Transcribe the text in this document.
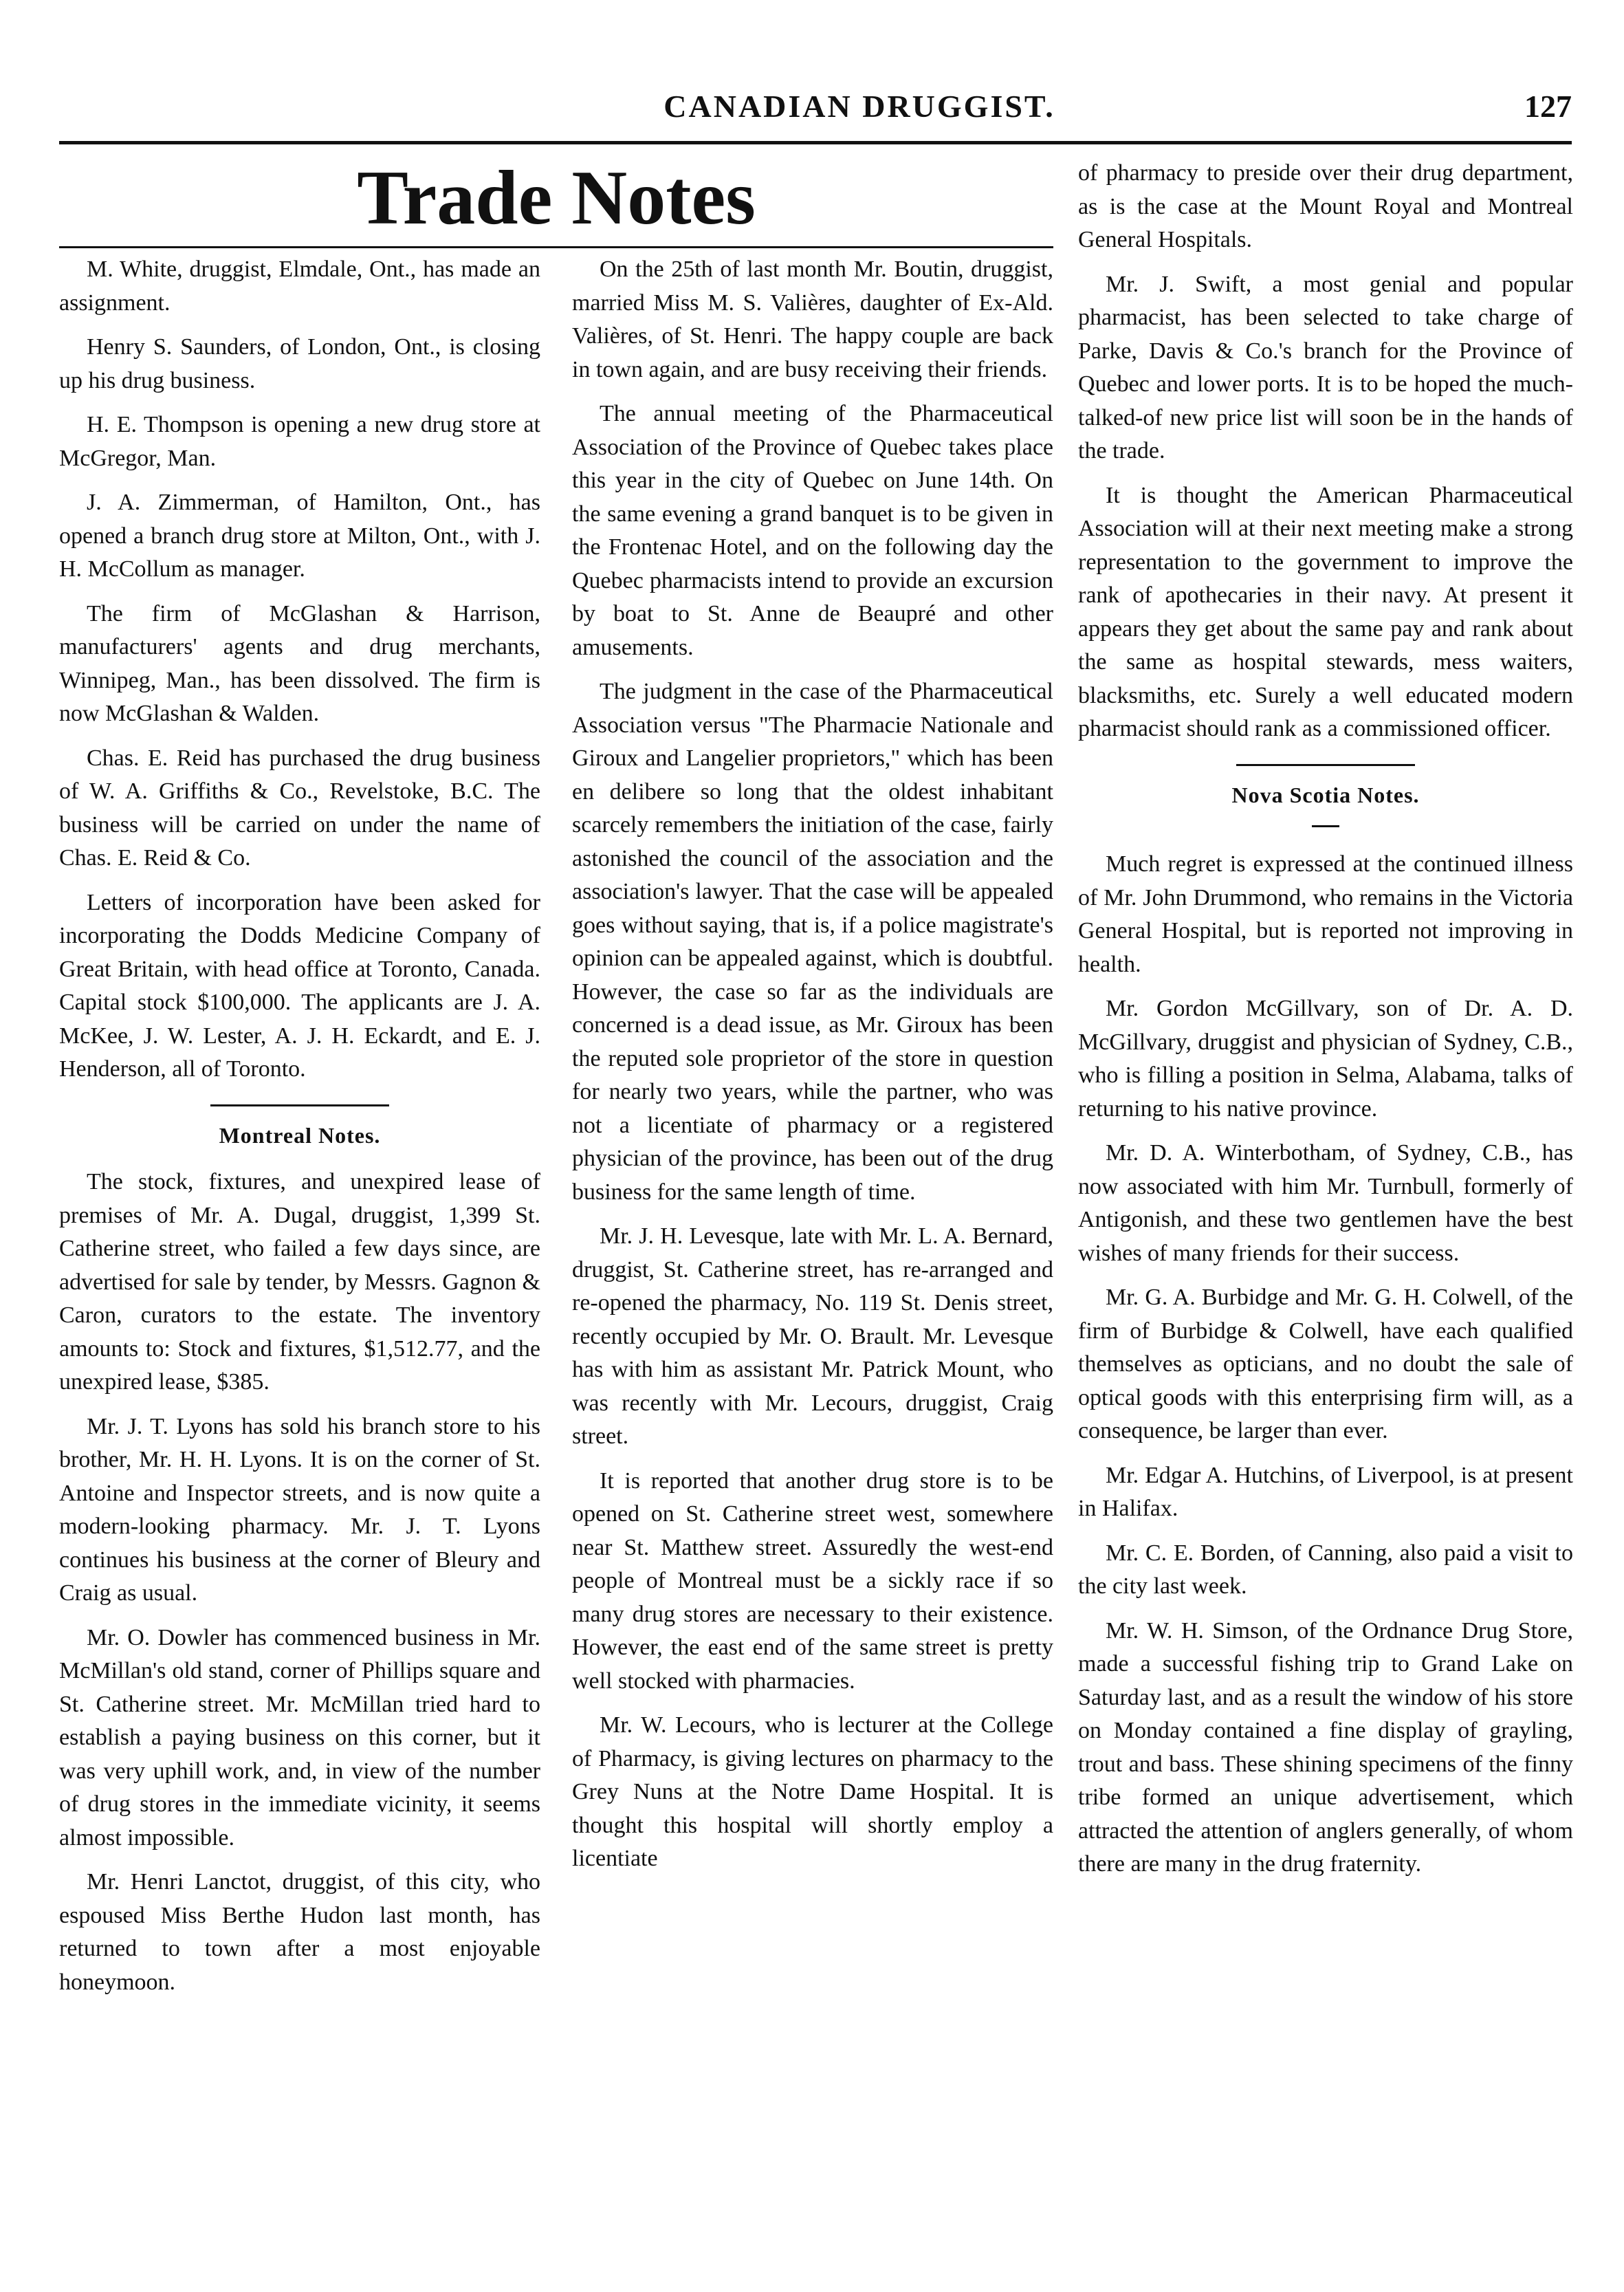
CANADIAN DRUGGIST.	127
Trade Notes

M. White, druggist, Elmdale, Ont., has made an assignment.

Henry S. Saunders, of London, Ont., is closing up his drug business.

H. E. Thompson is opening a new drug store at McGregor, Man.

J. A. Zimmerman, of Hamilton, Ont., has opened a branch drug store at Milton, Ont., with J. H. McCollum as manager.

The firm of McGlashan & Harrison, manufacturers' agents and drug merchants, Winnipeg, Man., has been dissolved. The firm is now McGlashan & Walden.

Chas. E. Reid has purchased the drug business of W. A. Griffiths & Co., Revelstoke, B.C. The business will be carried on under the name of Chas. E. Reid & Co.

Letters of incorporation have been asked for incorporating the Dodds Medicine Company of Great Britain, with head office at Toronto, Canada. Capital stock $100,000. The applicants are J. A. McKee, J. W. Lester, A. J. H. Eckardt, and E. J. Henderson, all of Toronto.

Montreal Notes.

The stock, fixtures, and unexpired lease of premises of Mr. A. Dugal, druggist, 1,399 St. Catherine street, who failed a few days since, are advertised for sale by tender, by Messrs. Gagnon & Caron, curators to the estate. The inventory amounts to: Stock and fixtures, $1,512.77, and the unexpired lease, $385.

Mr. J. T. Lyons has sold his branch store to his brother, Mr. H. H. Lyons. It is on the corner of St. Antoine and Inspector streets, and is now quite a modern-looking pharmacy. Mr. J. T. Lyons continues his business at the corner of Bleury and Craig as usual.

Mr. O. Dowler has commenced business in Mr. McMillan's old stand, corner of Phillips square and St. Catherine street. Mr. McMillan tried hard to establish a paying business on this corner, but it was very uphill work, and, in view of the number of drug stores in the immediate vicinity, it seems almost impossible.

Mr. Henri Lanctot, druggist, of this city, who espoused Miss Berthe Hudon last month, has returned to town after a most enjoyable honeymoon.

On the 25th of last month Mr. Boutin, druggist, married Miss M. S. Valières, daughter of Ex-Ald. Valières, of St. Henri. The happy couple are back in town again, and are busy receiving their friends.

The annual meeting of the Pharmaceutical Association of the Province of Quebec takes place this year in the city of Quebec on June 14th. On the same evening a grand banquet is to be given in the Frontenac Hotel, and on the following day the Quebec pharmacists intend to provide an excursion by boat to St. Anne de Beaupré and other amusements.

The judgment in the case of the Pharmaceutical Association versus "The Pharmacie Nationale and Giroux and Langelier proprietors," which has been en delibere so long that the oldest inhabitant scarcely remembers the initiation of the case, fairly astonished the council of the association and the association's lawyer. That the case will be appealed goes without saying, that is, if a police magistrate's opinion can be appealed against, which is doubtful. However, the case so far as the individuals are concerned is a dead issue, as Mr. Giroux has been the reputed sole proprietor of the store in question for nearly two years, while the partner, who was not a licentiate of pharmacy or a registered physician of the province, has been out of the drug business for the same length of time.

Mr. J. H. Levesque, late with Mr. L. A. Bernard, druggist, St. Catherine street, has re-arranged and re-opened the pharmacy, No. 119 St. Denis street, recently occupied by Mr. O. Brault. Mr. Levesque has with him as assistant Mr. Patrick Mount, who was recently with Mr. Lecours, druggist, Craig street.

It is reported that another drug store is to be opened on St. Catherine street west, somewhere near St. Matthew street. Assuredly the west-end people of Montreal must be a sickly race if so many drug stores are necessary to their existence. However, the east end of the same street is pretty well stocked with pharmacies.

Mr. W. Lecours, who is lecturer at the College of Pharmacy, is giving lectures on pharmacy to the Grey Nuns at the Notre Dame Hospital. It is thought this hospital will shortly employ a licentiate

of pharmacy to preside over their drug department, as is the case at the Mount Royal and Montreal General Hospitals.

Mr. J. Swift, a most genial and popular pharmacist, has been selected to take charge of Parke, Davis & Co.'s branch for the Province of Quebec and lower ports. It is to be hoped the much-talked-of new price list will soon be in the hands of the trade.

It is thought the American Pharmaceutical Association will at their next meeting make a strong representation to the government to improve the rank of apothecaries in their navy. At present it appears they get about the same pay and rank about the same as hospital stewards, mess waiters, blacksmiths, etc. Surely a well educated modern pharmacist should rank as a commissioned officer.

Nova Scotia Notes.

Much regret is expressed at the continued illness of Mr. John Drummond, who remains in the Victoria General Hospital, but is reported not improving in health.

Mr. Gordon McGillvary, son of Dr. A. D. McGillvary, druggist and physician of Sydney, C.B., who is filling a position in Selma, Alabama, talks of returning to his native province.

Mr. D. A. Winterbotham, of Sydney, C.B., has now associated with him Mr. Turnbull, formerly of Antigonish, and these two gentlemen have the best wishes of many friends for their success.

Mr. G. A. Burbidge and Mr. G. H. Colwell, of the firm of Burbidge & Colwell, have each qualified themselves as opticians, and no doubt the sale of optical goods with this enterprising firm will, as a consequence, be larger than ever.

Mr. Edgar A. Hutchins, of Liverpool, is at present in Halifax.

Mr. C. E. Borden, of Canning, also paid a visit to the city last week.

Mr. W. H. Simson, of the Ordnance Drug Store, made a successful fishing trip to Grand Lake on Saturday last, and as a result the window of his store on Monday contained a fine display of grayling, trout and bass. These shining specimens of the finny tribe formed an unique advertisement, which attracted the attention of anglers generally, of whom there are many in the drug fraternity.
